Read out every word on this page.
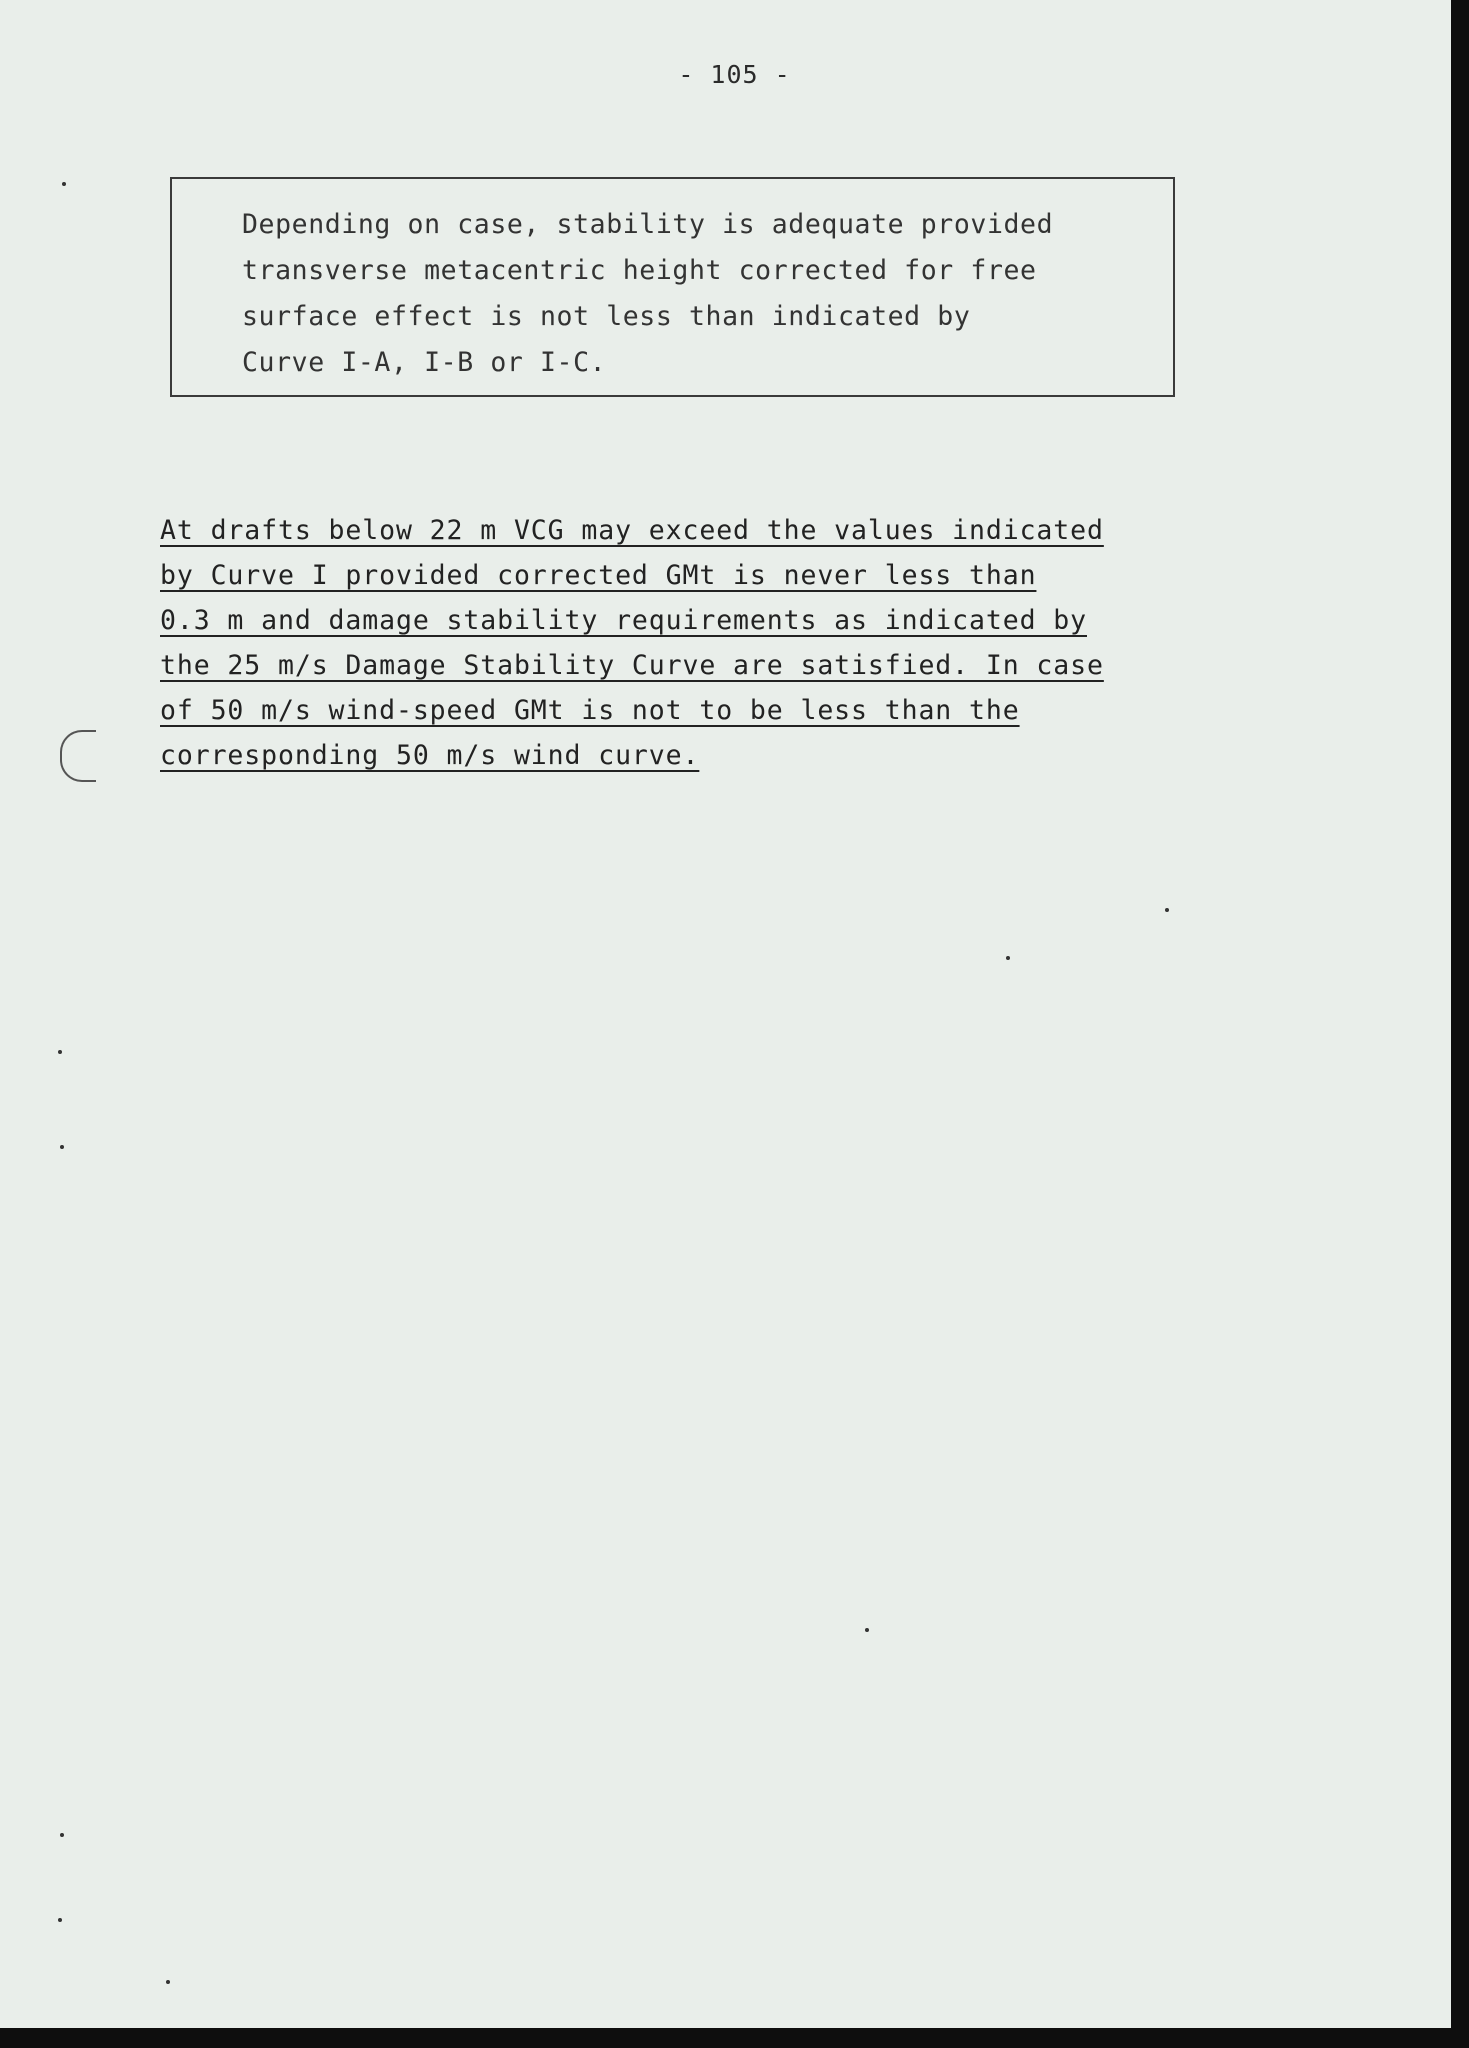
- 105 -
Depending on case, stability is adequate provided
transverse metacentric height corrected for free
surface effect is not less than indicated by
Curve I-A, I-B or I-C.
At drafts below 22 m VCG may exceed the values indicated
by Curve I provided corrected GMt is never less than
0.3 m and damage stability requirements as indicated by
the 25 m/s Damage Stability Curve are satisfied. In case
of 50 m/s wind-speed GMt is not to be less than the
corresponding 50 m/s wind curve.
